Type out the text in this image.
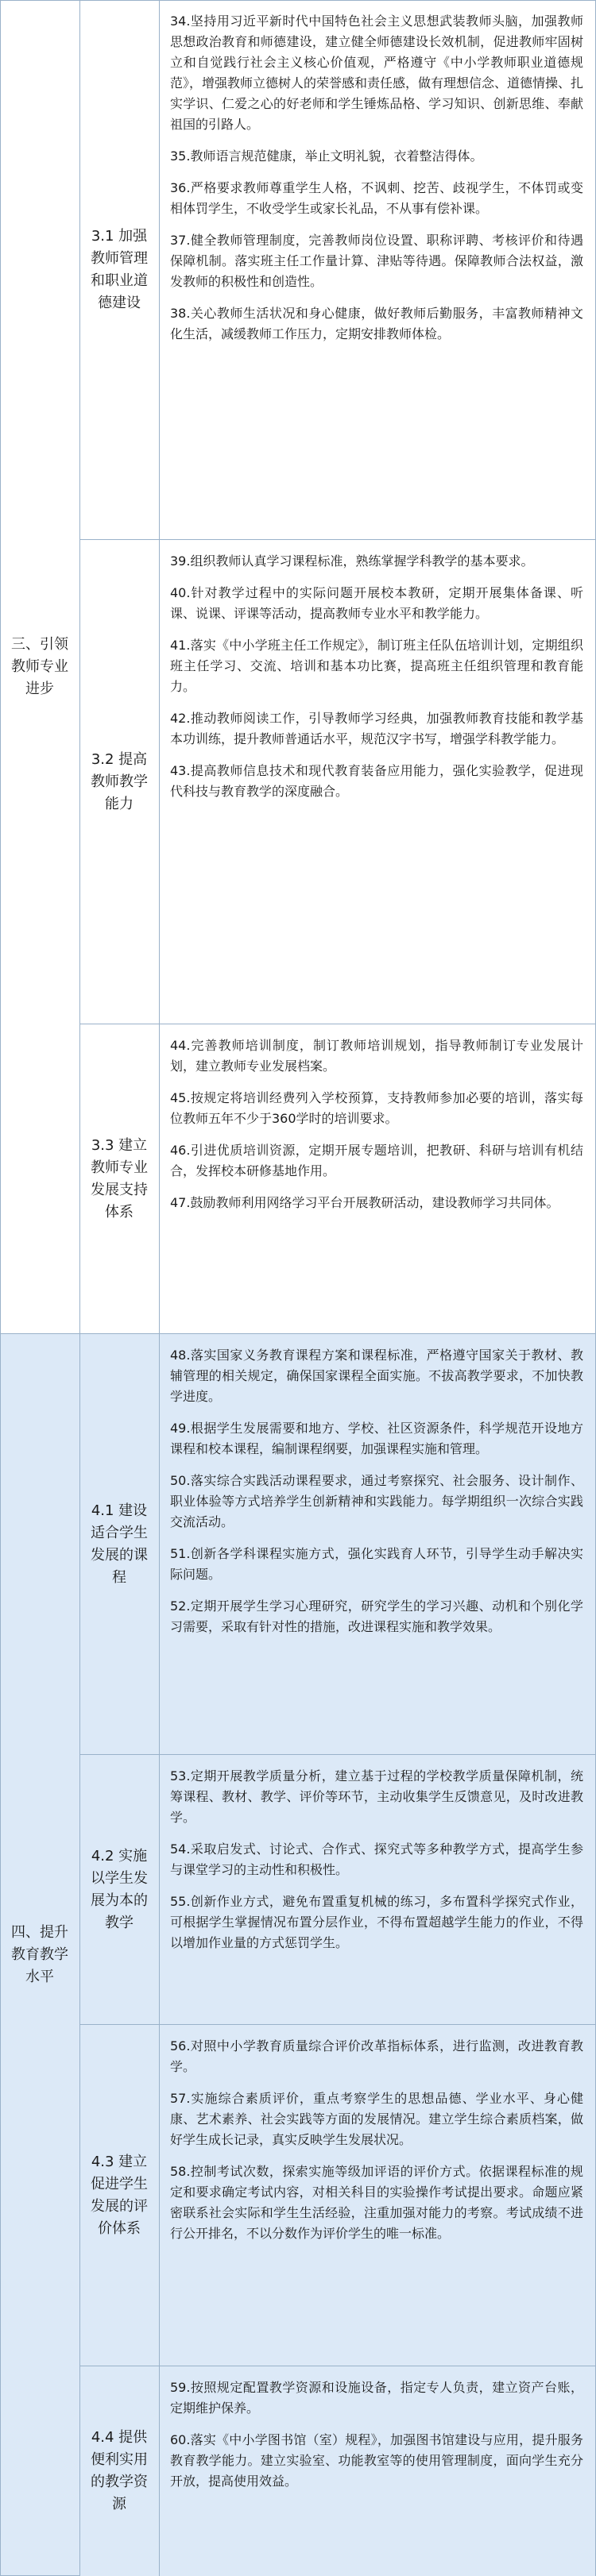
三、引领教师专业进步
3.1 加强教师管理和职业道德建设

34.坚持用习近平新时代中国特色社会主义思想武装教师头脑，加强教师思想政治教育和师德建设，建立健全师德建设长效机制，促进教师牢固树立和自觉践行社会主义核心价值观，严格遵守《中小学教师职业道德规范》，增强教师立德树人的荣誉感和责任感，做有理想信念、道德情操、扎实学识、仁爱之心的好老师和学生锤炼品格、学习知识、创新思维、奉献祖国的引路人。

35.教师语言规范健康，举止文明礼貌，衣着整洁得体。

36.严格要求教师尊重学生人格，不讽刺、挖苦、歧视学生，不体罚或变相体罚学生，不收受学生或家长礼品，不从事有偿补课。

37.健全教师管理制度，完善教师岗位设置、职称评聘、考核评价和待遇保障机制。落实班主任工作量计算、津贴等待遇。保障教师合法权益，激发教师的积极性和创造性。

38.关心教师生活状况和身心健康，做好教师后勤服务，丰富教师精神文化生活，减缓教师工作压力，定期安排教师体检。

3.2 提高教师教学能力

39.组织教师认真学习课程标准，熟练掌握学科教学的基本要求。

40.针对教学过程中的实际问题开展校本教研，定期开展集体备课、听课、说课、评课等活动，提高教师专业水平和教学能力。

41.落实《中小学班主任工作规定》，制订班主任队伍培训计划，定期组织班主任学习、交流、培训和基本功比赛，提高班主任组织管理和教育能力。

42.推动教师阅读工作，引导教师学习经典，加强教师教育技能和教学基本功训练，提升教师普通话水平，规范汉字书写，增强学科教学能力。

43.提高教师信息技术和现代教育装备应用能力，强化实验教学，促进现代科技与教育教学的深度融合。

3.3 建立教师专业发展支持体系

44.完善教师培训制度，制订教师培训规划，指导教师制订专业发展计划，建立教师专业发展档案。

45.按规定将培训经费列入学校预算，支持教师参加必要的培训，落实每位教师五年不少于360学时的培训要求。

46.引进优质培训资源，定期开展专题培训，把教研、科研与培训有机结合，发挥校本研修基地作用。

47.鼓励教师利用网络学习平台开展教研活动，建设教师学习共同体。

四、提升教育教学水平
4.1 建设适合学生发展的课程

48.落实国家义务教育课程方案和课程标准，严格遵守国家关于教材、教辅管理的相关规定，确保国家课程全面实施。不拔高教学要求，不加快教学进度。

49.根据学生发展需要和地方、学校、社区资源条件，科学规范开设地方课程和校本课程，编制课程纲要，加强课程实施和管理。

50.落实综合实践活动课程要求，通过考察探究、社会服务、设计制作、职业体验等方式培养学生创新精神和实践能力。每学期组织一次综合实践交流活动。

51.创新各学科课程实施方式，强化实践育人环节，引导学生动手解决实际问题。

52.定期开展学生学习心理研究，研究学生的学习兴趣、动机和个别化学习需要，采取有针对性的措施，改进课程实施和教学效果。

4.2 实施以学生发展为本的教学

53.定期开展教学质量分析，建立基于过程的学校教学质量保障机制，统筹课程、教材、教学、评价等环节，主动收集学生反馈意见，及时改进教学。

54.采取启发式、讨论式、合作式、探究式等多种教学方式，提高学生参与课堂学习的主动性和积极性。

55.创新作业方式，避免布置重复机械的练习，多布置科学探究式作业，可根据学生掌握情况布置分层作业，不得布置超越学生能力的作业，不得以增加作业量的方式惩罚学生。

4.3 建立促进学生发展的评价体系

56.对照中小学教育质量综合评价改革指标体系，进行监测，改进教育教学。

57.实施综合素质评价，重点考察学生的思想品德、学业水平、身心健康、艺术素养、社会实践等方面的发展情况。建立学生综合素质档案，做好学生成长记录，真实反映学生发展状况。

58.控制考试次数，探索实施等级加评语的评价方式。依据课程标准的规定和要求确定考试内容，对相关科目的实验操作考试提出要求。命题应紧密联系社会实际和学生生活经验，注重加强对能力的考察。考试成绩不进行公开排名，不以分数作为评价学生的唯一标准。

4.4 提供便利实用的教学资源

59.按照规定配置教学资源和设施设备，指定专人负责，建立资产台账，定期维护保养。

60.落实《中小学图书馆（室）规程》，加强图书馆建设与应用，提升服务教育教学能力。建立实验室、功能教室等的使用管理制度，面向学生充分开放，提高使用效益。
